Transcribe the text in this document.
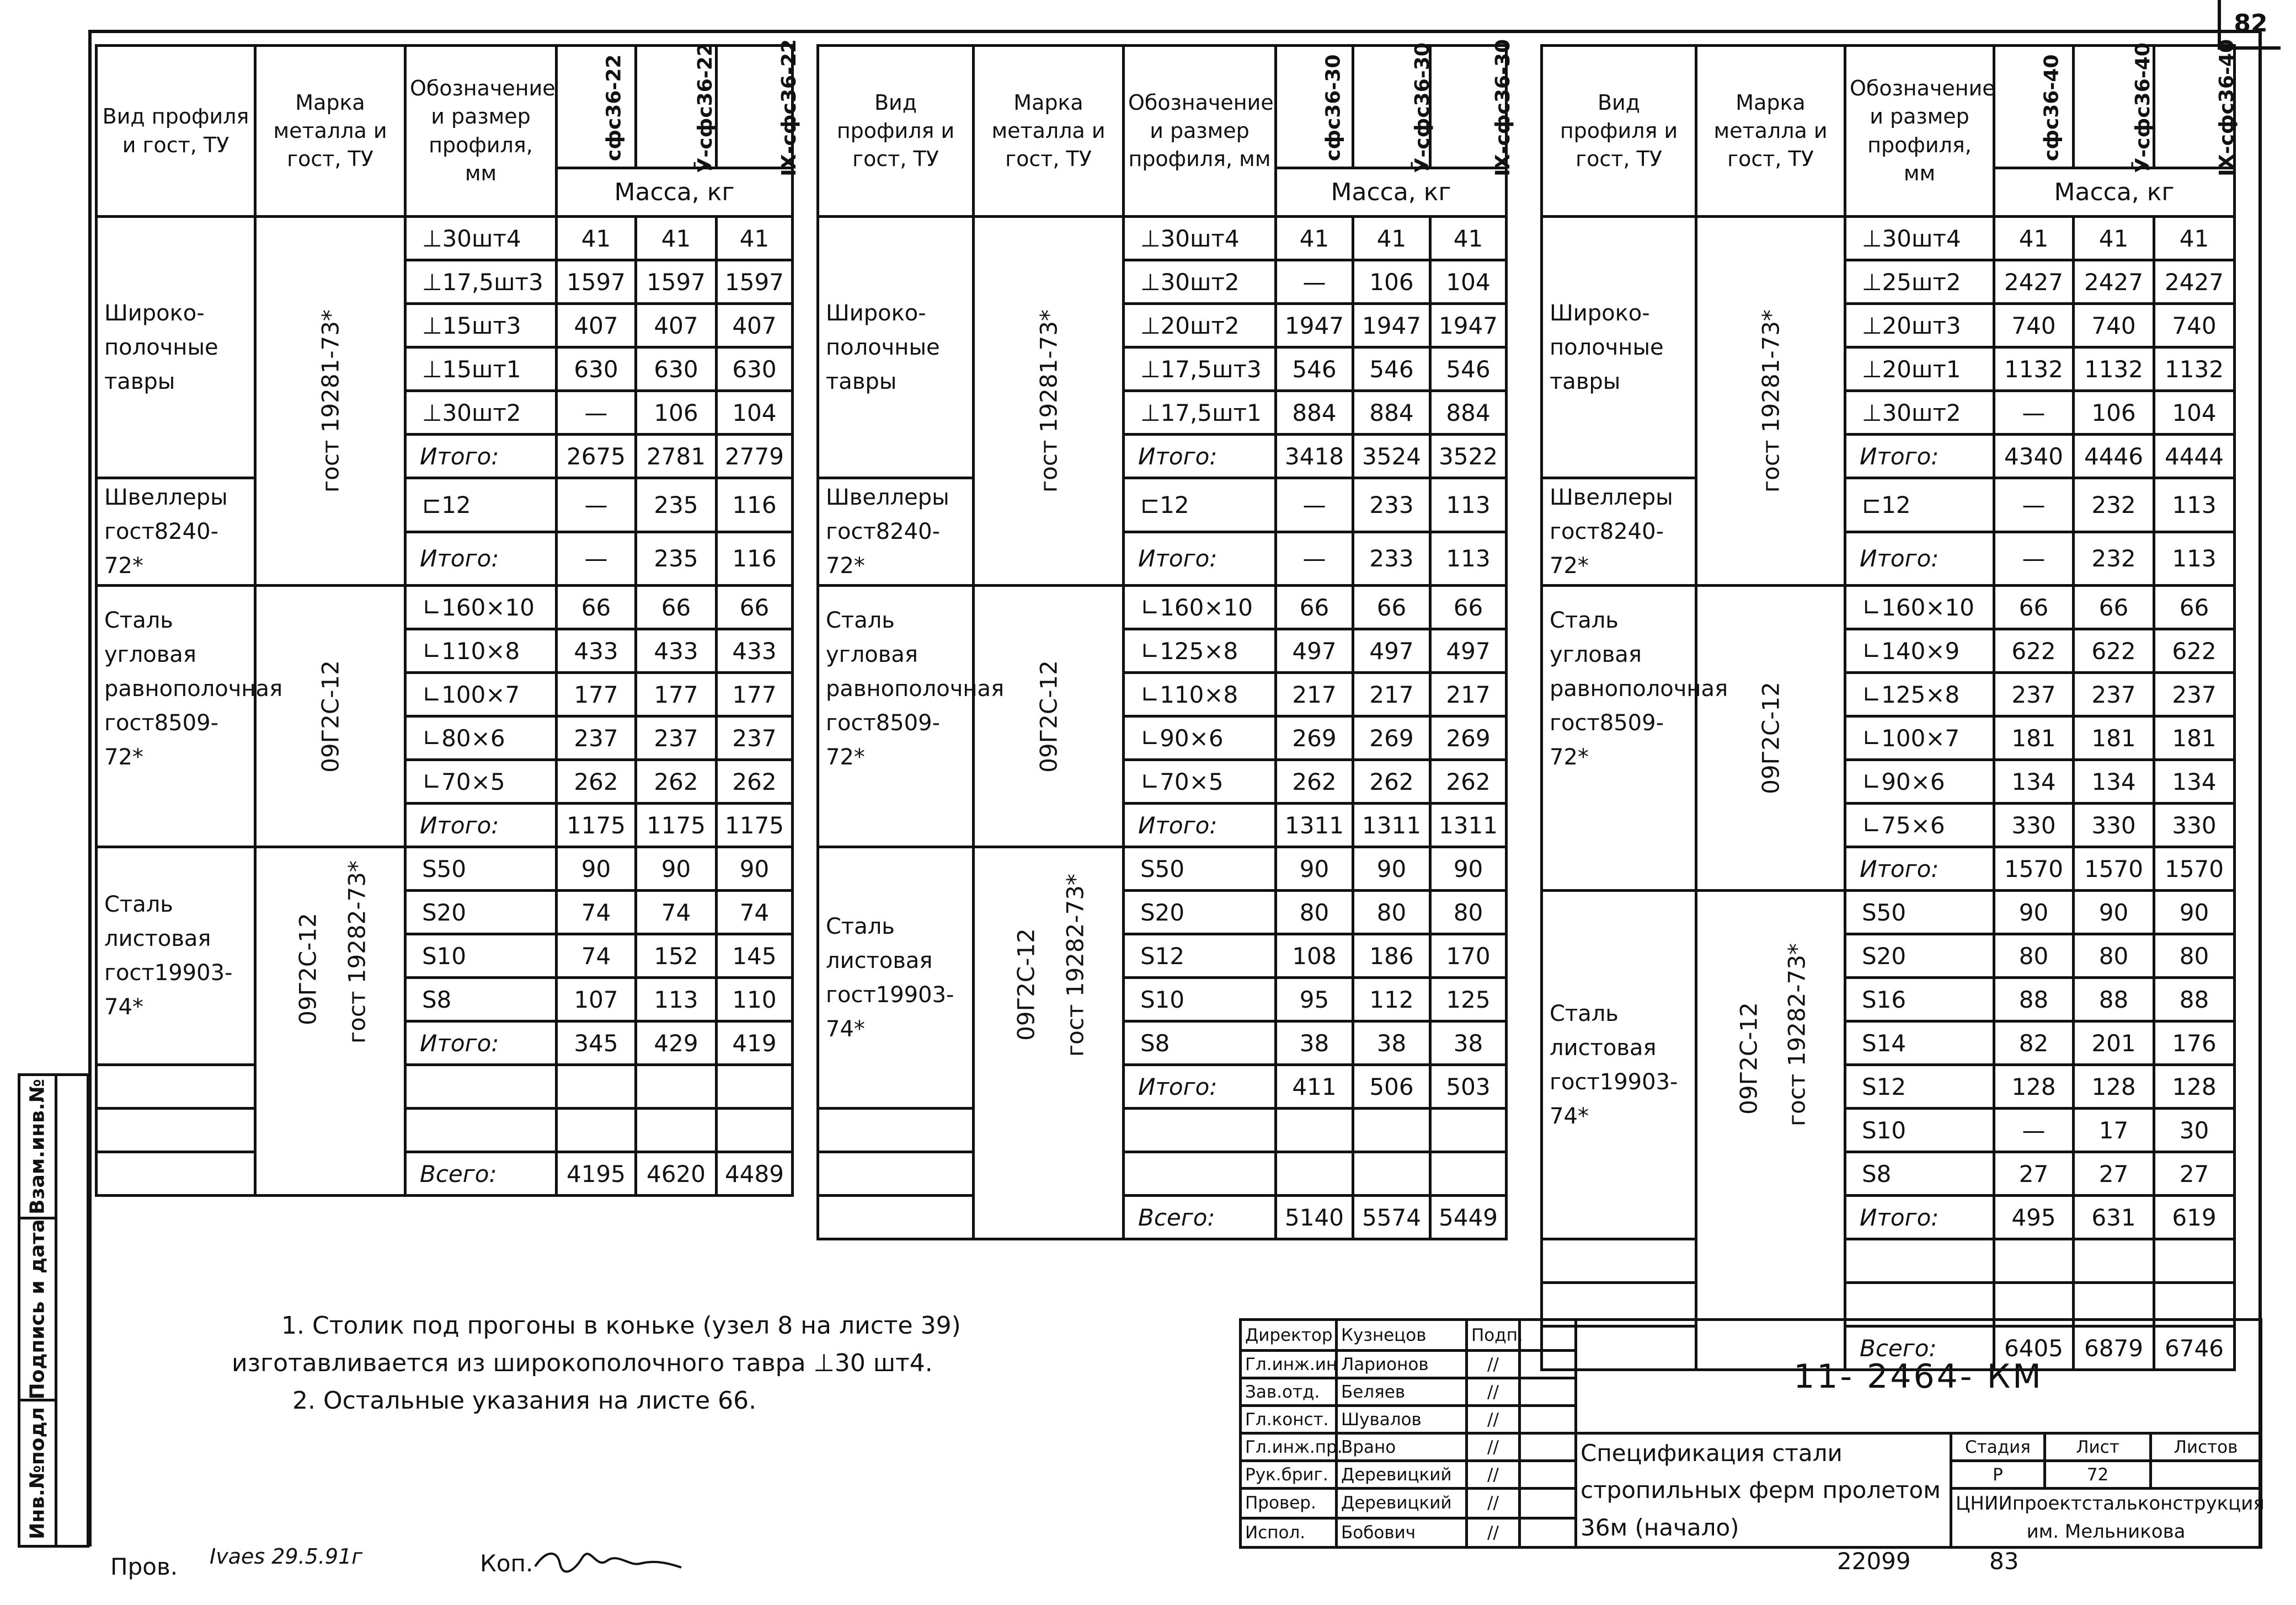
82
Вид профиля и гост, ТУ	Марка металла и гост, ТУ	Обозначение и размер профиля, мм	сфс36-22	Ӯ-сфс36-22	Ⅸ-сфс36-22
			Масса, кг		
Широко-полочные тавры	гост 19281-73*	⊥30шт4	41	41	41
		⊥17,5шт3	1597	1597	1597
		⊥15шт3	407	407	407
		⊥15шт1	630	630	630
		⊥30шт2	—	106	104
		Итого:	2675	2781	2779
Швеллеры гост8240-72*		⊏12	—	235	116
		Итого:	—	235	116
Сталь угловая равнополочная гост8509-72*	09Г2С-12	∟160×10	66	66	66
		∟110×8	433	433	433
		∟100×7	177	177	177
		∟80×6	237	237	237
		∟70×5	262	262	262
		Итого:	1175	1175	1175
Сталь листовая гост19903-74*	09Г2С-12 гост 19282-73*	S50	90	90	90
		S20	74	74	74
		S10	74	152	145
		S8	107	113	110
		Итого:	345	429	419

		Всего:	4195	4620	4489
Вид профиля и гост, ТУ	Марка металла и гост, ТУ	Обозначение и размер профиля, мм	сфс36-30	Ӯ-сфс36-30	Ⅸ-сфс36-30
			Масса, кг		
Широко-полочные тавры	гост 19281-73*	⊥30шт4	41	41	41
		⊥30шт2	—	106	104
		⊥20шт2	1947	1947	1947
		⊥17,5шт3	546	546	546
		⊥17,5шт1	884	884	884
		Итого:	3418	3524	3522
Швеллеры гост8240-72*		⊏12	—	233	113
		Итого:	—	233	113
Сталь угловая равнополочная гост8509-72*	09Г2С-12	∟160×10	66	66	66
		∟125×8	497	497	497
		∟110×8	217	217	217
		∟90×6	269	269	269
		∟70×5	262	262	262
		Итого:	1311	1311	1311
Сталь листовая гост19903-74*	09Г2С-12 гост 19282-73*	S50	90	90	90
		S20	80	80	80
		S12	108	186	170
		S10	95	112	125
		S8	38	38	38
		Итого:	411	506	503

		Всего:	5140	5574	5449
Вид профиля и гост, ТУ	Марка металла и гост, ТУ	Обозначение и размер профиля, мм	сфс36-40	Ӯ-сфс36-40	Ⅸ-сфс36-40
			Масса, кг		
Широко-полочные тавры	гост 19281-73*	⊥30шт4	41	41	41
		⊥25шт2	2427	2427	2427
		⊥20шт3	740	740	740
		⊥20шт1	1132	1132	1132
		⊥30шт2	—	106	104
		Итого:	4340	4446	4444
Швеллеры гост8240-72*		⊏12	—	232	113
		Итого:	—	232	113
Сталь угловая равнополочная гост8509-72*	09Г2С-12	∟160×10	66	66	66
		∟140×9	622	622	622
		∟125×8	237	237	237
		∟100×7	181	181	181
		∟90×6	134	134	134
		∟75×6	330	330	330
		Итого:	1570	1570	1570
Сталь листовая гост19903-74*	09Г2С-12 гост 19282-73*	S50	90	90	90
		S20	80	80	80
		S16	88	88	88
		S14	82	201	176
		S12	128	128	128
		S10	—	17	30
		S8	27	27	27
		Итого:	495	631	619

		Всего:	6405	6879	6746
1. Столик под прогоны в коньке (узел 8 на листе 39)
изготавливается из широкополочного тавра ⊥30 шт4.
2. Остальные указания на листе 66.
Директор	Кузнецов	Подп.		11- 2464- КМ			
Гл.инж.ин	Ларионов	//					
Зав.отд.	Беляев	//					
Гл.конст.	Шувалов	//					
Гл.инж.пр.	Врано	//		Спецификация стали стропильных ферм пролетом 36м (начало)	Стадия	Лист	Листов
Рук.бриг.	Деревицкий	//			Р	72	
Провер.	Деревицкий	//			ЦНИИпроектстальконструкция им. Мельникова		
Испол.	Бобович	//					
Взам.инв.№
Подпись и дата
Инв.№подл
Пров. Ivaes 29.5.91г	Коп.	22099	83
